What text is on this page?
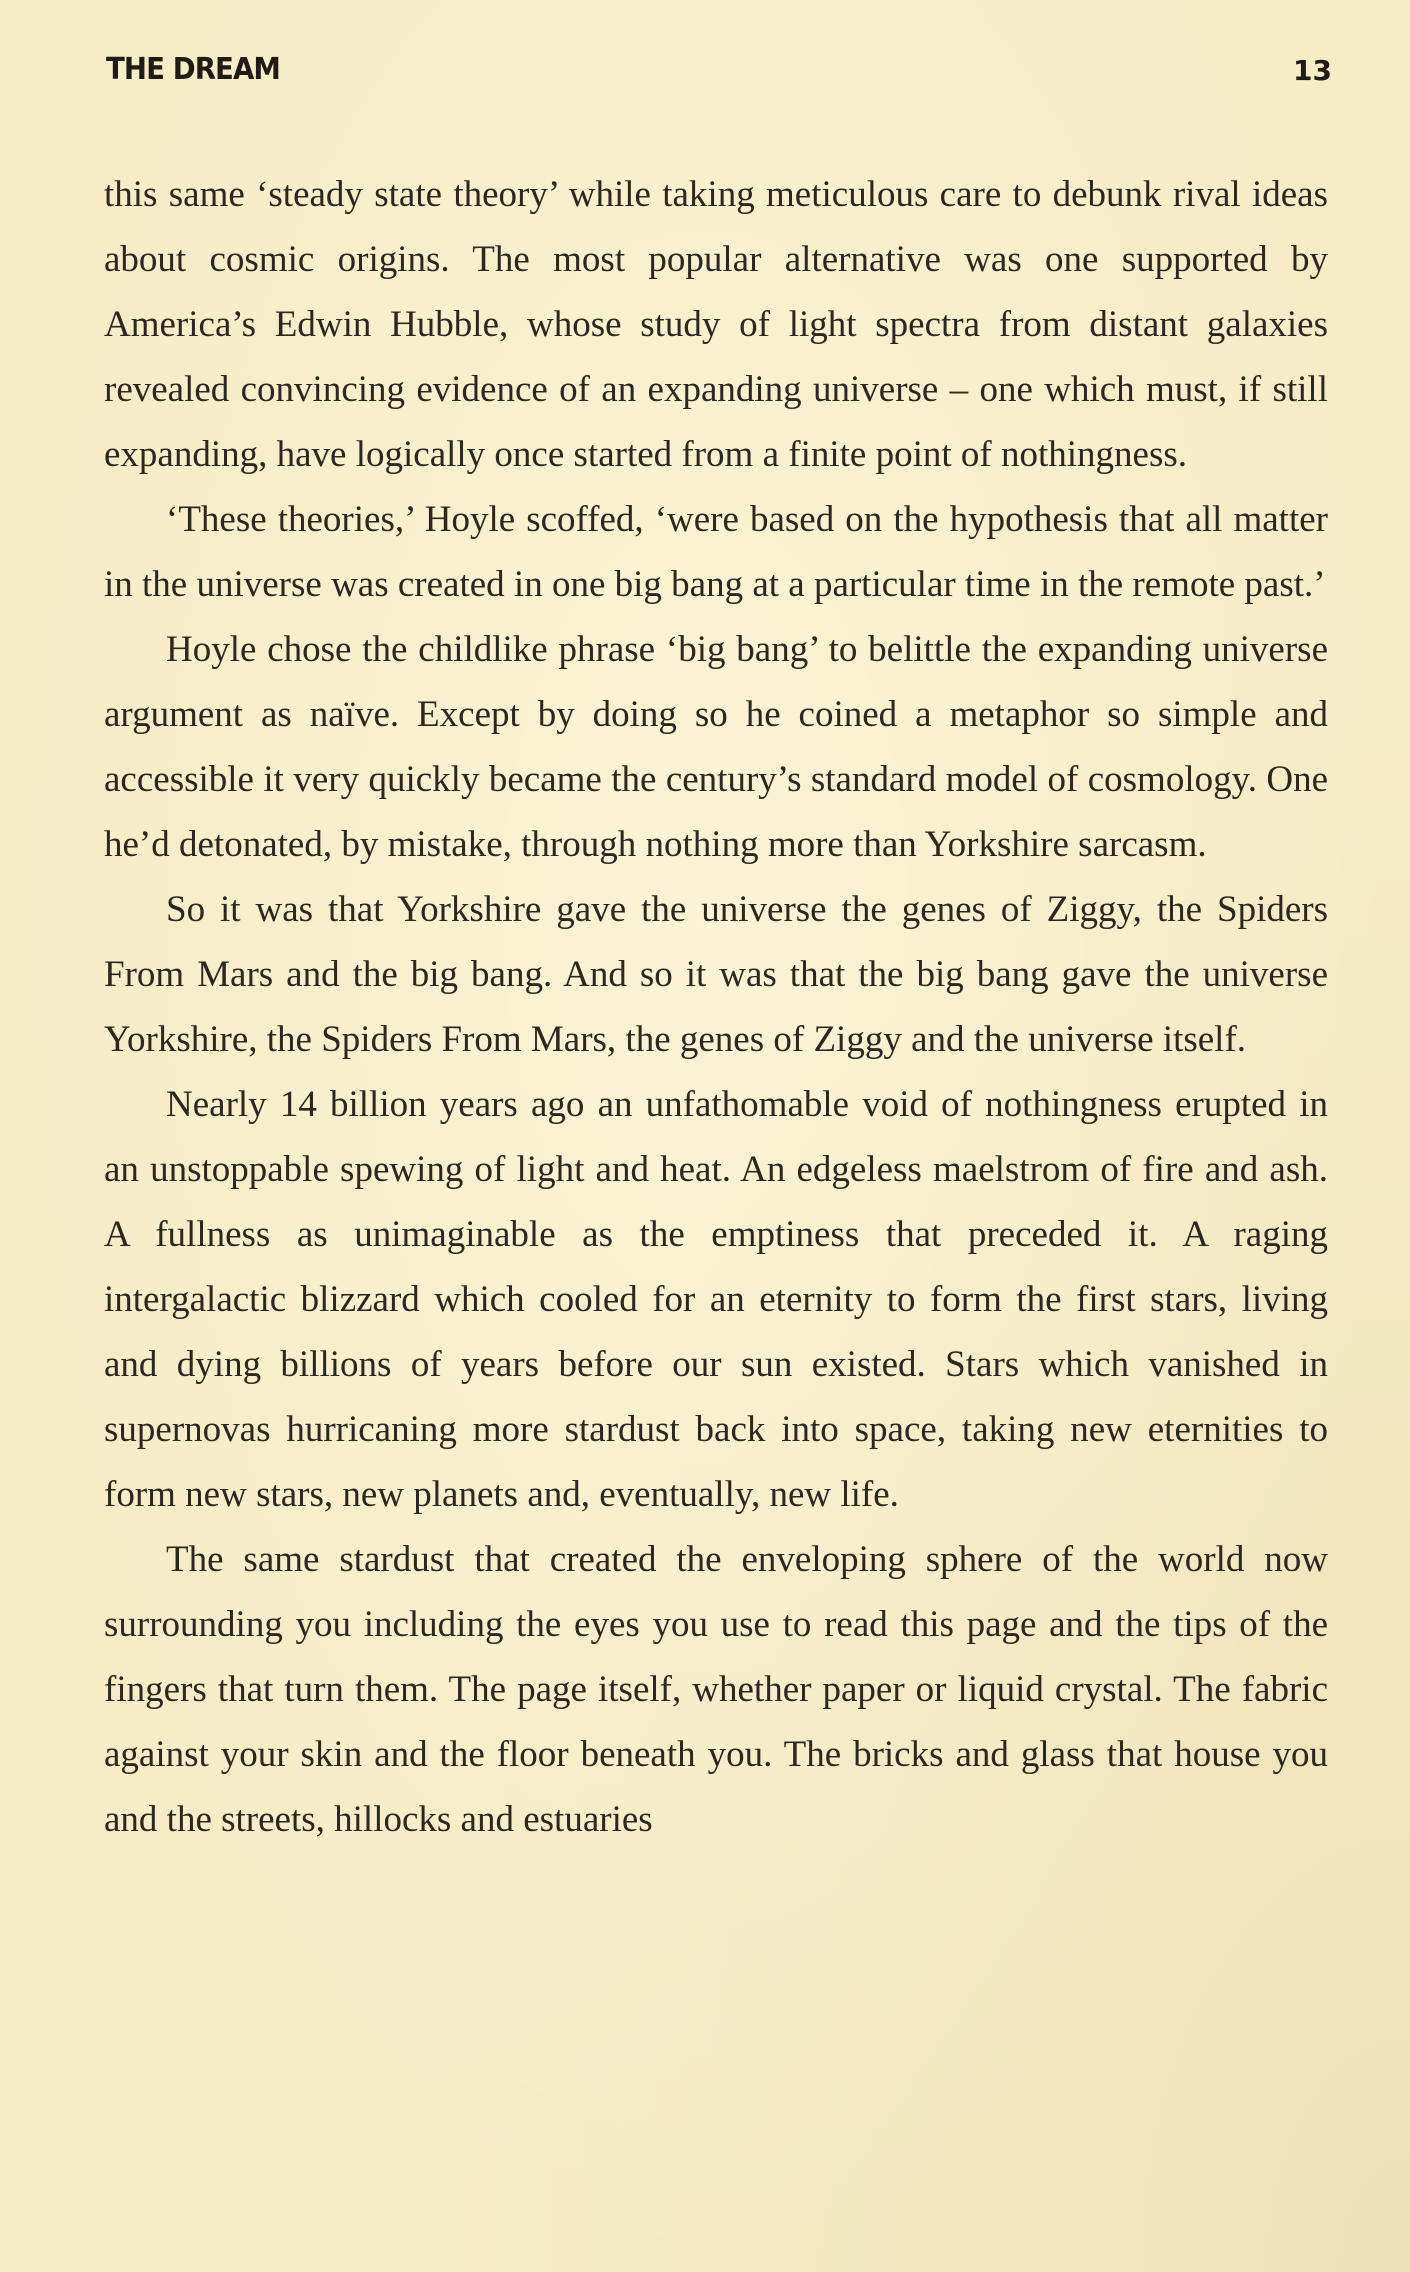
THE DREAM	13

this same ‘steady state theory’ while taking meticulous care to debunk rival ideas about cosmic origins. The most popular alternative was one supported by America’s Edwin Hubble, whose study of light spectra from distant galaxies revealed convincing evidence of an expanding universe – one which must, if still expanding, have logically once started from a finite point of nothingness.

‘These theories,’ Hoyle scoffed, ‘were based on the hypothesis that all matter in the universe was created in one big bang at a particular time in the remote past.’

Hoyle chose the childlike phrase ‘big bang’ to belittle the expanding universe argument as naïve. Except by doing so he coined a metaphor so simple and accessible it very quickly became the century’s standard model of cosmology. One he’d detonated, by mistake, through nothing more than Yorkshire sarcasm.

So it was that Yorkshire gave the universe the genes of Ziggy, the Spiders From Mars and the big bang. And so it was that the big bang gave the universe Yorkshire, the Spiders From Mars, the genes of Ziggy and the universe itself.

Nearly 14 billion years ago an unfathomable void of nothingness erupted in an unstoppable spewing of light and heat. An edgeless maelstrom of fire and ash. A fullness as unimaginable as the emptiness that preceded it. A raging intergalactic blizzard which cooled for an eternity to form the first stars, living and dying billions of years before our sun existed. Stars which vanished in supernovas hurricaning more stardust back into space, taking new eternities to form new stars, new planets and, eventually, new life.

The same stardust that created the enveloping sphere of the world now surrounding you including the eyes you use to read this page and the tips of the fingers that turn them. The page itself, whether paper or liquid crystal. The fabric against your skin and the floor beneath you. The bricks and glass that house you and the streets, hillocks and estuaries
